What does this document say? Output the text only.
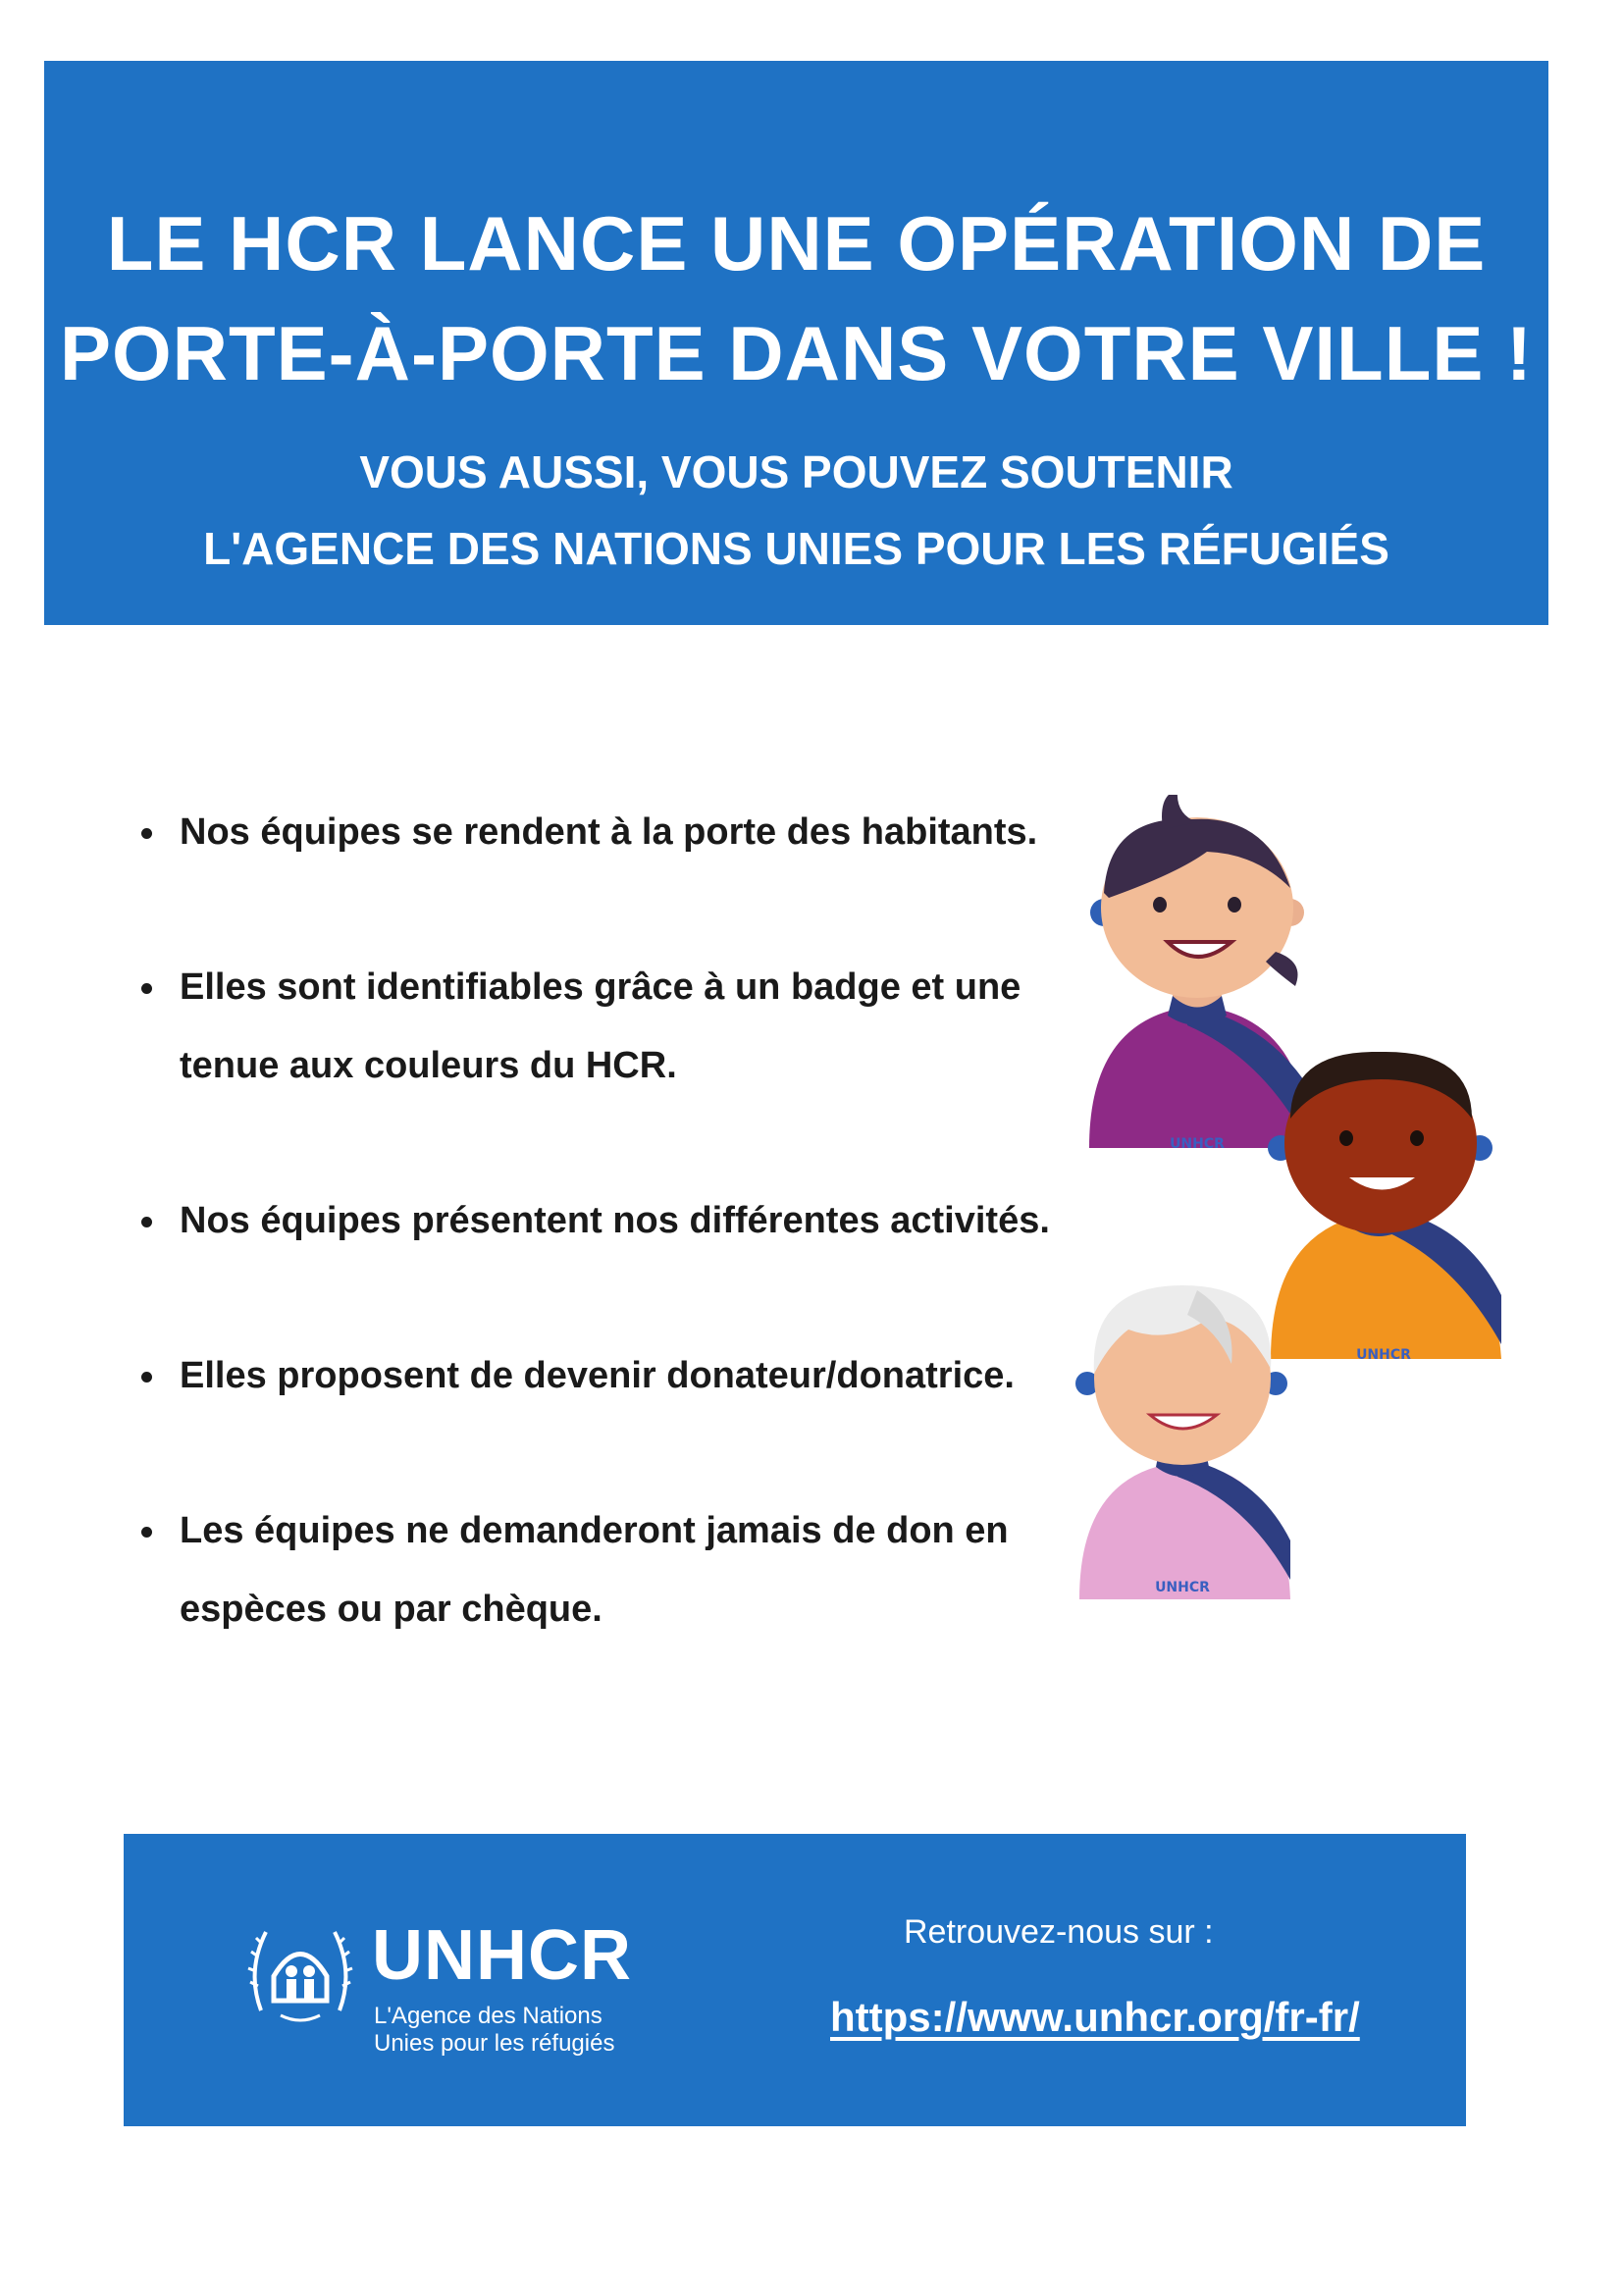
LE HCR LANCE UNE OPÉRATION DE
PORTE-À-PORTE DANS VOTRE VILLE !
VOUS AUSSI, VOUS POUVEZ SOUTENIR
L'AGENCE DES NATIONS UNIES POUR LES RÉFUGIÉS
Nos équipes se rendent à la porte des habitants.
Elles sont identifiables grâce à un badge et une tenue aux couleurs du HCR.
Nos équipes présentent nos différentes activités.
Elles proposent de devenir donateur/donatrice.
Les équipes ne demanderont jamais de don en espèces ou par chèque.
UNHCR
UNHCR
UNHCR
UNHCR
L'Agence des Nations
Unies pour les réfugiés
Retrouvez-nous sur :
https://www.unhcr.org/fr-fr/
